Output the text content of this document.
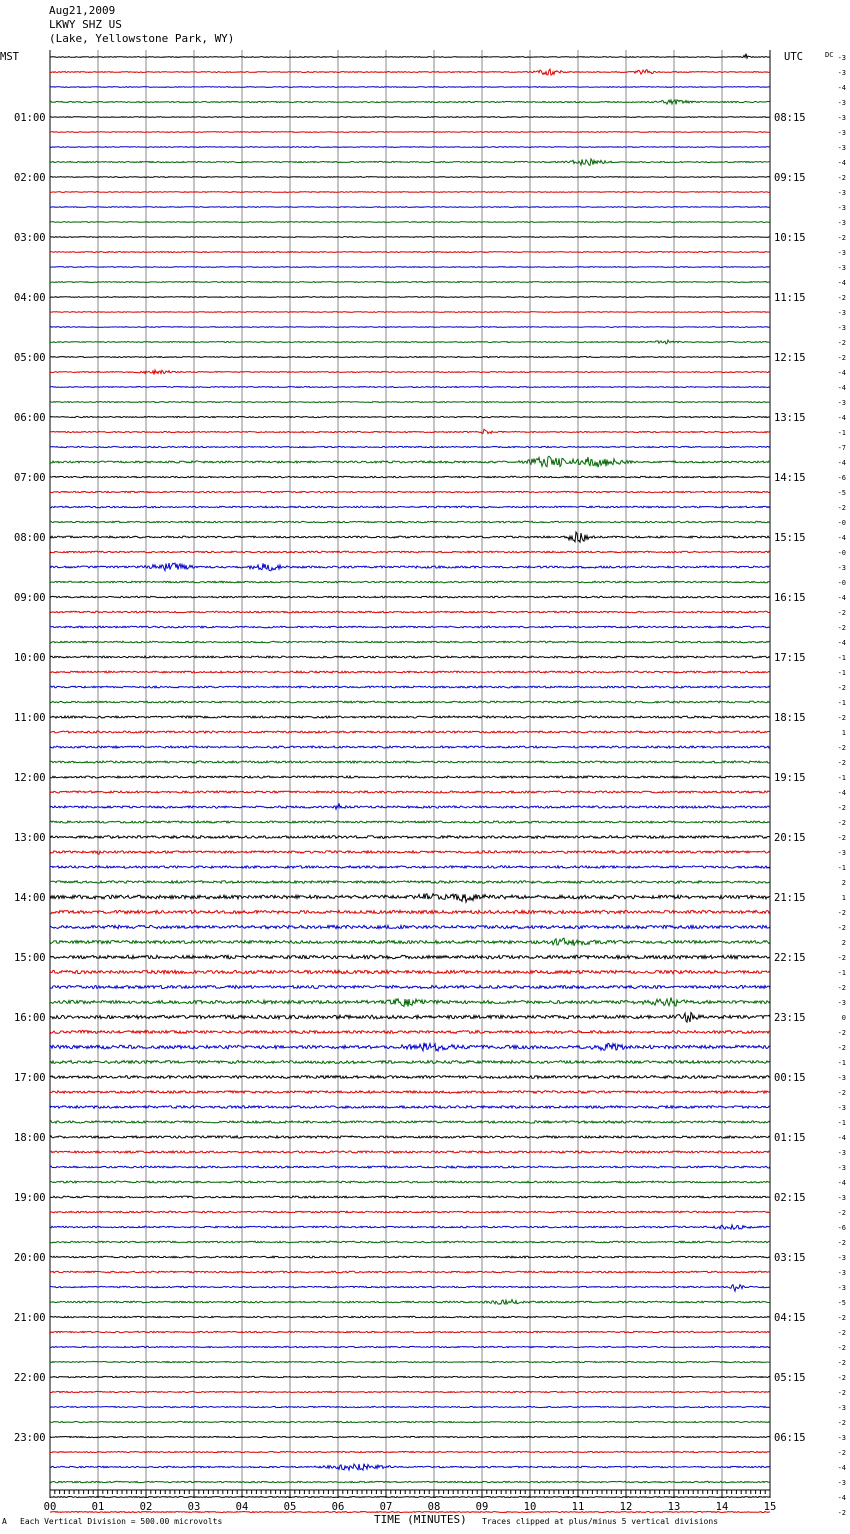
Aug21,2009
LKWY SHZ US
(Lake, Yellowstone Park, WY)
01:00
02:00
03:00
04:00
05:00
06:00
07:00
08:00
09:00
10:00
11:00
12:00
13:00
14:00
15:00
16:00
17:00
18:00
19:00
20:00
21:00
22:00
23:00
08:15
09:15
10:15
11:15
12:15
13:15
14:15
15:15
16:15
17:15
18:15
19:15
20:15
21:15
22:15
23:15
00:15
01:15
02:15
03:15
04:15
05:15
06:15
-3
-3
-4
-3
-3
-3
-3
-4
-2
-3
-3
-3
-2
-3
-3
-4
-2
-3
-3
-2
-2
-4
-4
-3
-4
-1
-7
-4
-6
-5
-2
-0
-4
-0
-3
-0
-4
-2
-2
-4
-1
-1
-2
-1
-2
1
-2
-2
-1
-4
-2
-2
-2
-3
-1
2
1
-2
-2
2
-2
-1
-2
-3
0
-2
-2
-1
-3
-2
-3
-1
-4
-3
-3
-4
-3
-2
-6
-2
-3
-3
-3
-5
-2
-2
-2
-2
-2
-2
-3
-2
-3
-2
-4
-3
-4
-2
00	01	02	03	04	05	06	07	08	09	10	11	12	13	14	15
MST	UTC	DC
A Each Vertical Division = 500.00 microvolts	TIME (MINUTES) Traces clipped at plus/minus 5 vertical divisions
